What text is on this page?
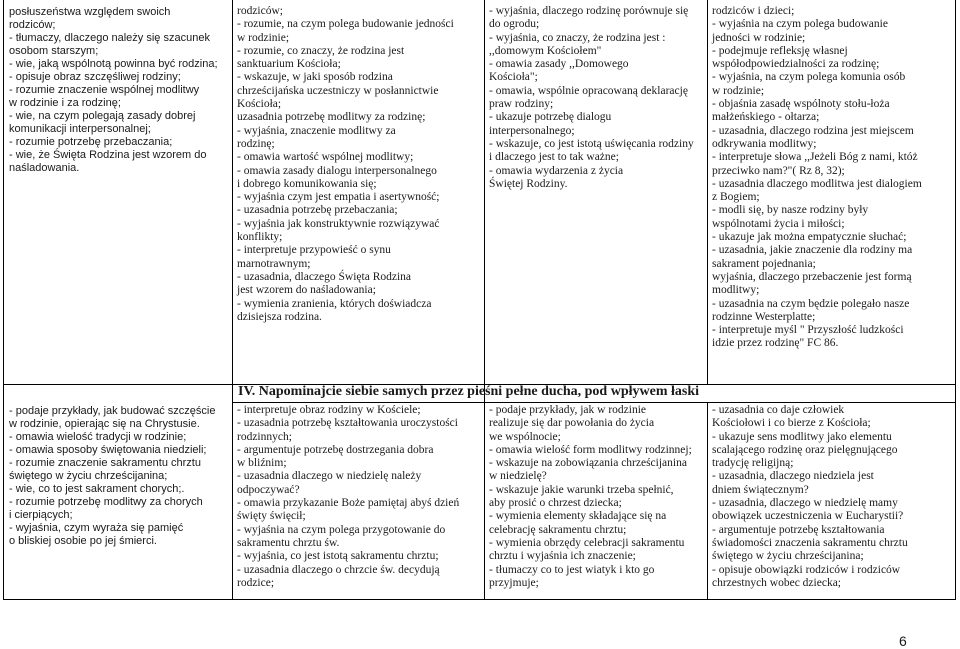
posłuszeństwa względem swoich
rodziców;
- tłumaczy, dlaczego należy się szacunek
osobom starszym;
- wie, jaką wspólnotą powinna być rodzina;
- opisuje obraz szczęśliwej rodziny;
- rozumie znaczenie wspólnej modlitwy
w rodzinie i za rodzinę;
- wie, na czym polegają zasady dobrej
komunikacji interpersonalnej;
- rozumie potrzebę przebaczania;
- wie, że Święta Rodzina jest wzorem do
naśladowania.
rodziców;
- rozumie, na czym polega budowanie jedności
w rodzinie;
- rozumie, co znaczy, że rodzina jest
sanktuarium Kościoła;
- wskazuje, w jaki sposób rodzina
chrześcijańska uczestniczy w posłannictwie
Kościoła;
uzasadnia potrzebę modlitwy za rodzinę;
- wyjaśnia, znaczenie modlitwy za
rodzinę;
- omawia wartość wspólnej modlitwy;
- omawia zasady dialogu interpersonalnego
i dobrego komunikowania się;
- wyjaśnia czym jest empatia i asertywność;
- uzasadnia potrzebę przebaczania;
- wyjaśnia jak konstruktywnie rozwiązywać
konflikty;
- interpretuje przypowieść o synu
marnotrawnym;
- uzasadnia, dlaczego Święta Rodzina
jest wzorem do naśladowania;
- wymienia zranienia, których doświadcza
dzisiejsza rodzina.
- wyjaśnia, dlaczego rodzinę porównuje się
do ogrodu;
- wyjaśnia, co znaczy, że rodzina jest :
,,domowym Kościołem"
- omawia zasady ,,Domowego
Kościoła";
- omawia, wspólnie opracowaną deklarację
praw rodziny;
- ukazuje potrzebę dialogu
interpersonalnego;
- wskazuje, co jest istotą uświęcania rodziny
i dlaczego jest to tak ważne;
- omawia wydarzenia z życia
Świętej Rodziny.
rodziców i dzieci;
- wyjaśnia na czym polega budowanie
jedności w rodzinie;
- podejmuje refleksję własnej
współodpowiedzialności za rodzinę;
- wyjaśnia, na czym polega komunia osób
w rodzinie;
- objaśnia zasadę wspólnoty stołu-łoża
małżeńskiego - ołtarza;
- uzasadnia, dlaczego rodzina jest miejscem
odkrywania modlitwy;
- interpretuje słowa ,,Jeżeli Bóg z nami, któż
przeciwko nam?"( Rz 8, 32);
- uzasadnia dlaczego modlitwa jest dialogiem
z Bogiem;
- modli się, by nasze rodziny były
wspólnotami życia i miłości;
- ukazuje jak można empatycznie słuchać;
- uzasadnia, jakie znaczenie dla rodziny ma
sakrament pojednania;
wyjaśnia, dlaczego przebaczenie jest formą
modlitwy;
- uzasadnia na czym będzie polegało nasze
rodzinne Westerplatte;
- interpretuje myśl " Przyszłość ludzkości
idzie przez rodzinę" FC 86.
IV. Napominajcie siebie samych przez pieśni pełne ducha, pod wpływem łaski
- podaje przykłady, jak budować szczęście
w rodzinie, opierając się na Chrystusie.
- omawia wielość tradycji w rodzinie;
- omawia sposoby świętowania niedzieli;
- rozumie znaczenie sakramentu chrztu
świętego w życiu chrześcijanina;
- wie, co to jest sakrament chorych;.
- rozumie potrzebę modlitwy za chorych
i cierpiących;
- wyjaśnia, czym wyraża się pamięć
o bliskiej osobie po jej śmierci.
- interpretuje obraz rodziny w Kościele;
- uzasadnia potrzebę kształtowania uroczystości
rodzinnych;
- argumentuje potrzebę dostrzegania dobra
w bliźnim;
- uzasadnia dlaczego w niedzielę należy
odpoczywać?
- omawia przykazanie Boże pamiętaj abyś dzień
święty święcił;
- wyjaśnia na czym polega przygotowanie do
sakramentu chrztu św.
- wyjaśnia, co jest istotą sakramentu chrztu;
- uzasadnia dlaczego o chrzcie św. decydują
rodzice;
- podaje przykłady, jak w rodzinie
realizuje się dar powołania do życia
we wspólnocie;
- omawia wielość form modlitwy rodzinnej;
- wskazuje na zobowiązania chrześcijanina
w niedzielę?
- wskazuje jakie warunki trzeba spełnić,
aby prosić o chrzest dziecka;
- wymienia elementy składające się na
celebrację sakramentu chrztu;
- wymienia obrzędy celebracji sakramentu
chrztu i wyjaśnia ich znaczenie;
- tłumaczy co to jest wiatyk i kto go
przyjmuje;
- uzasadnia co daje człowiek
Kościołowi i co bierze z Kościoła;
- ukazuje sens modlitwy jako elementu
scalającego rodzinę oraz pielęgnującego
tradycję religijną;
- uzasadnia, dlaczego niedziela jest
dniem świątecznym?
- uzasadnia, dlaczego w niedzielę mamy
obowiązek uczestniczenia w Eucharystii?
- argumentuje potrzebę kształtowania
świadomości znaczenia sakramentu chrztu
świętego w życiu chrześcijanina;
- opisuje obowiązki rodziców i rodziców
chrzestnych wobec dziecka;
6
